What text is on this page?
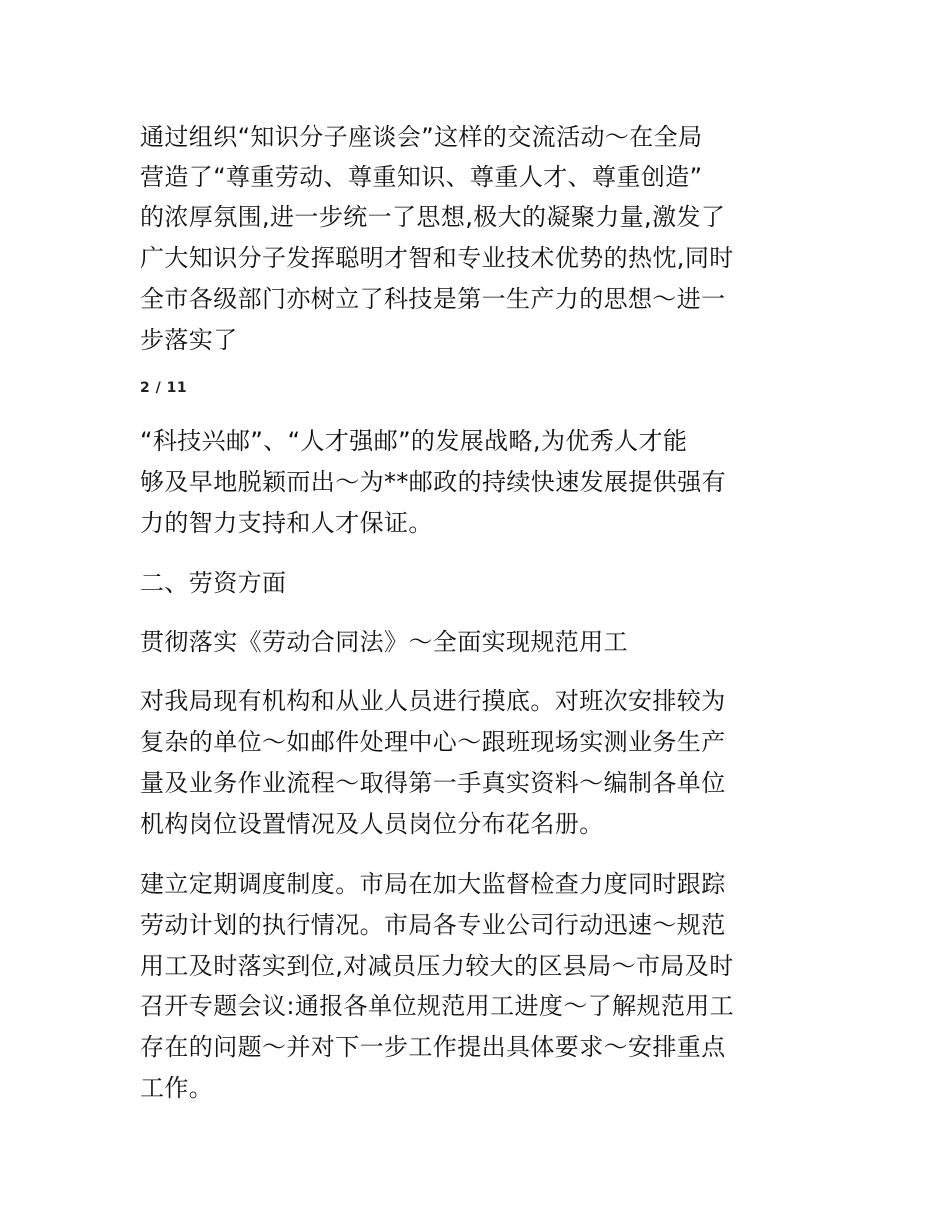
通过组织“知识分子座谈会”这样的交流活动～在全局
营造了“尊重劳动、尊重知识、尊重人才、尊重创造”
的浓厚氛围,进一步统一了思想,极大的凝聚力量,激发了
广大知识分子发挥聪明才智和专业技术优势的热忱,同时
全市各级部门亦树立了科技是第一生产力的思想～进一
步落实了
2 / 11
“科技兴邮”、“人才强邮”的发展战略,为优秀人才能
够及早地脱颖而出～为**邮政的持续快速发展提供强有
力的智力支持和人才保证。
二、劳资方面
贯彻落实《劳动合同法》～全面实现规范用工
对我局现有机构和从业人员进行摸底。对班次安排较为
复杂的单位～如邮件处理中心～跟班现场实测业务生产
量及业务作业流程～取得第一手真实资料～编制各单位
机构岗位设置情况及人员岗位分布花名册。
建立定期调度制度。市局在加大监督检查力度同时跟踪
劳动计划的执行情况。市局各专业公司行动迅速～规范
用工及时落实到位,对减员压力较大的区县局～市局及时
召开专题会议:通报各单位规范用工进度～了解规范用工
存在的问题～并对下一步工作提出具体要求～安排重点
工作。
